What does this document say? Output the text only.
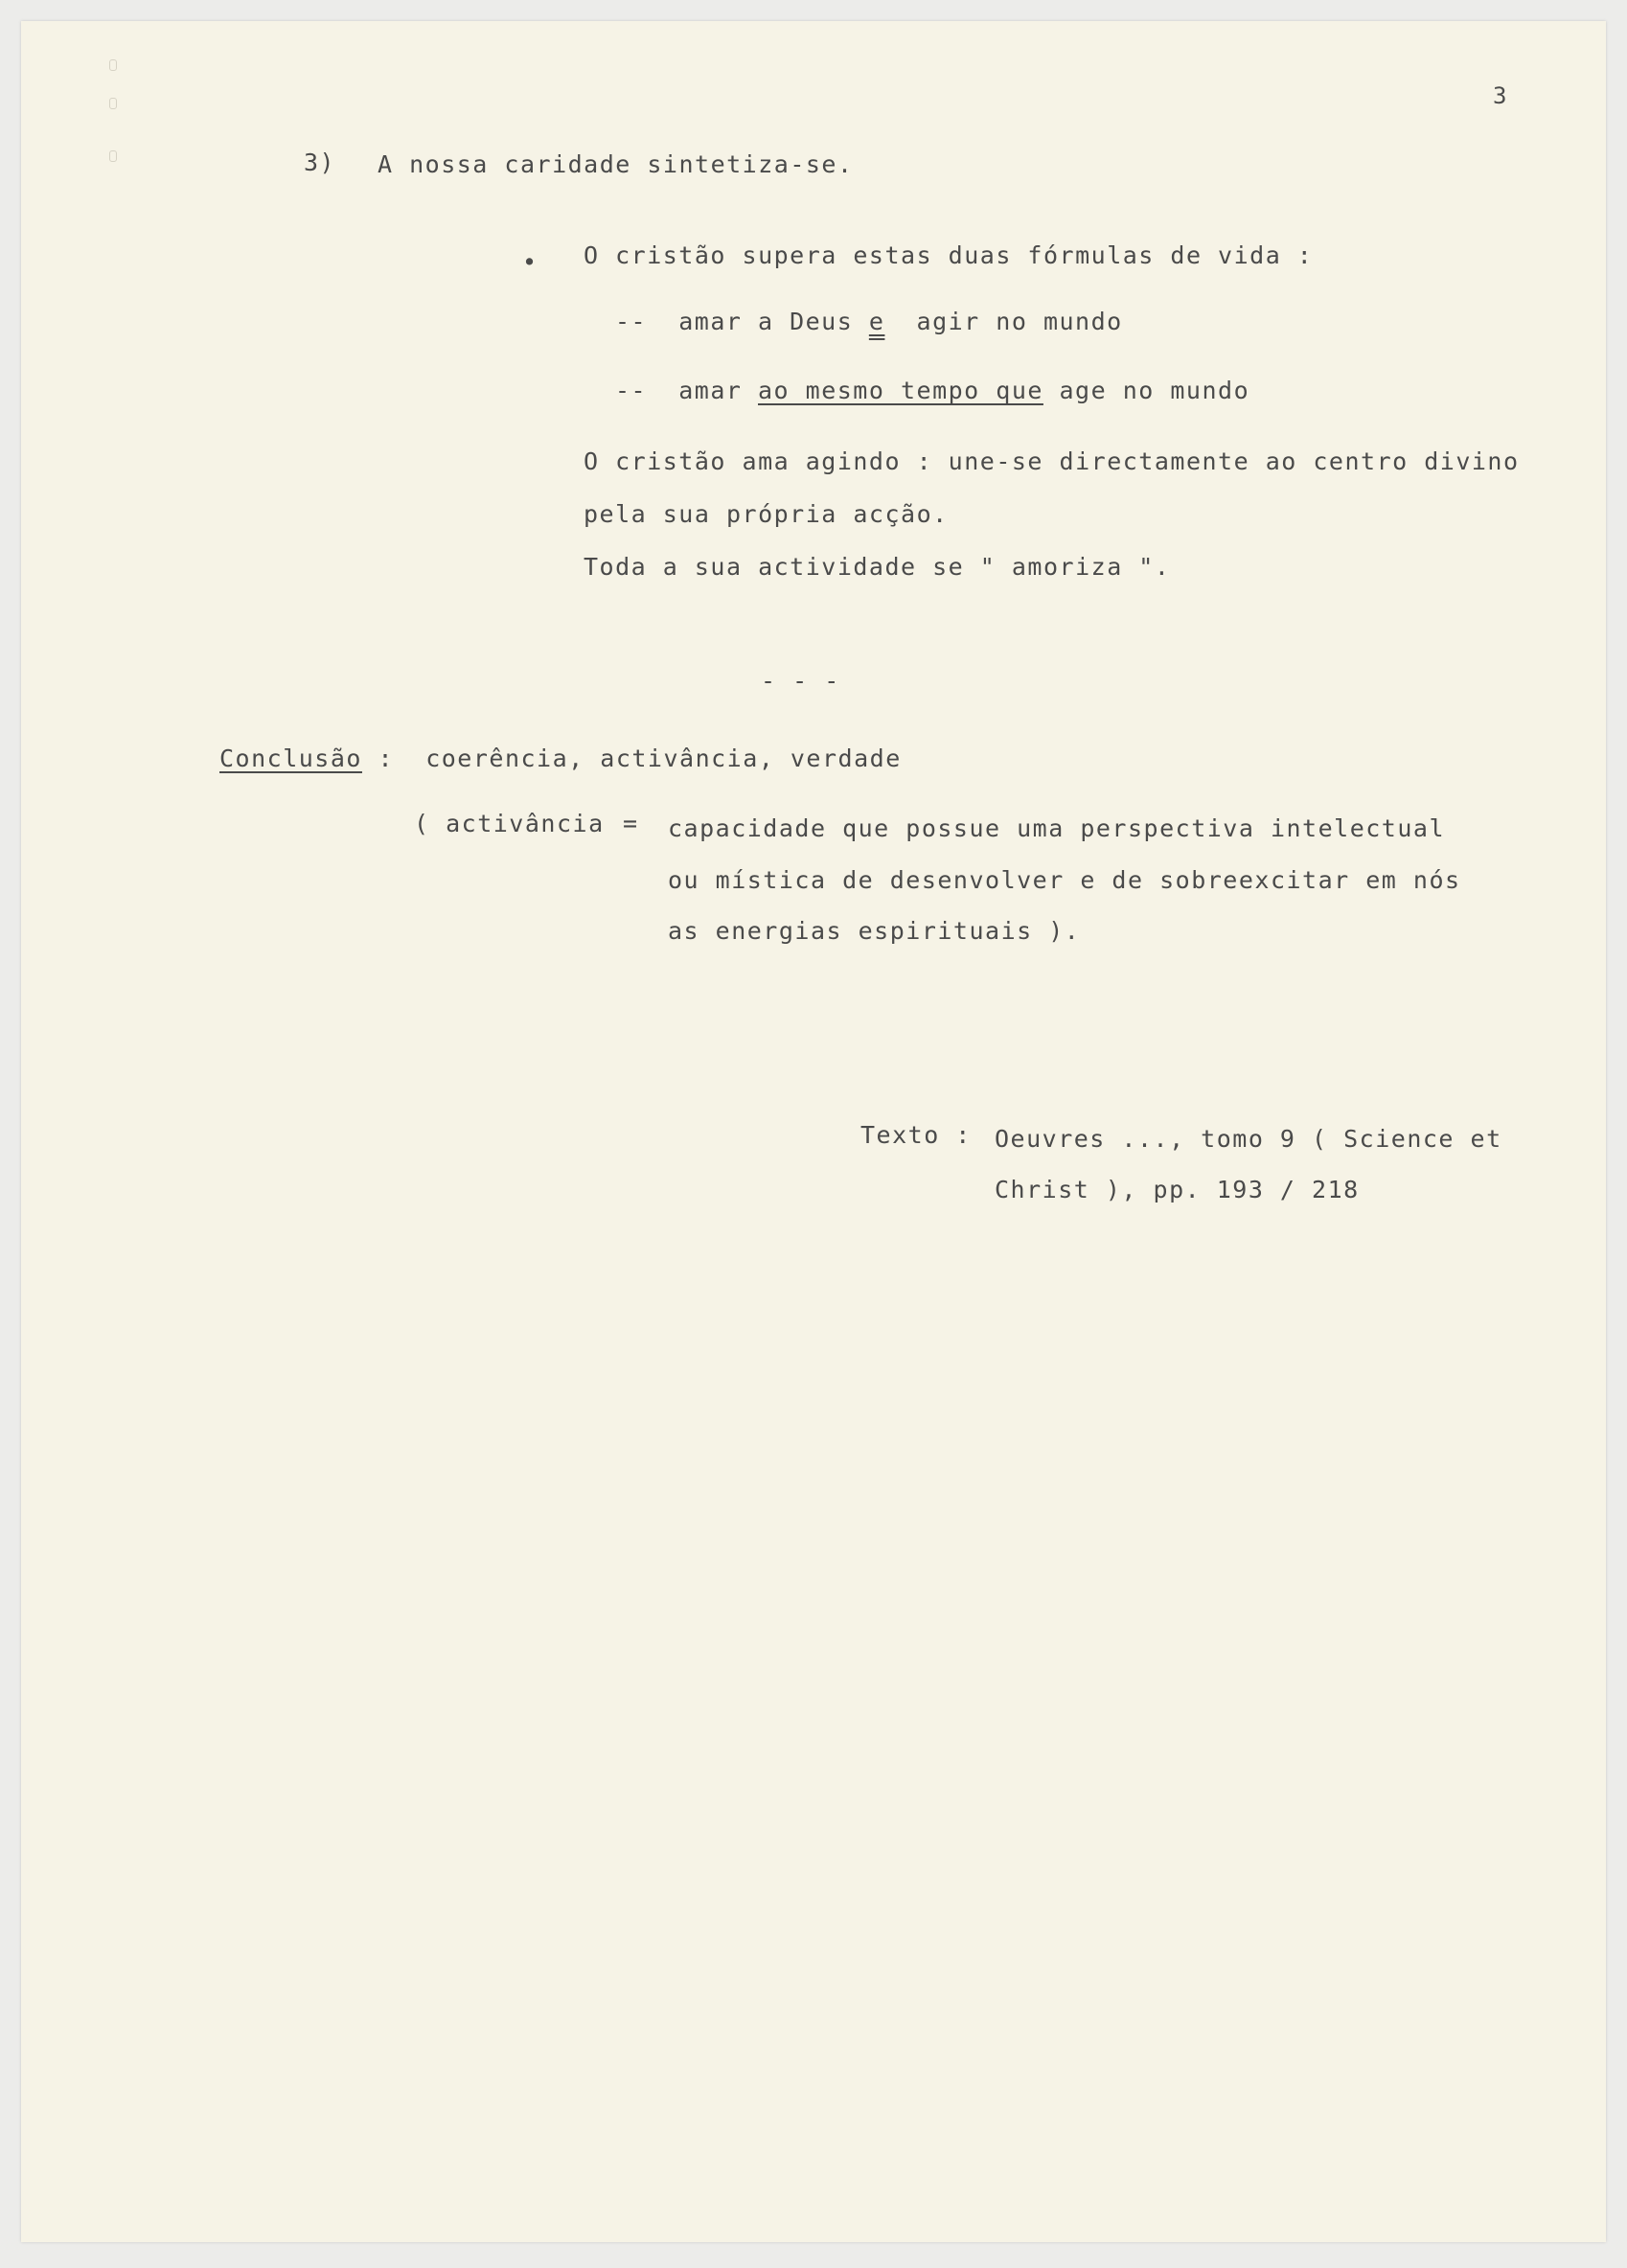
3
3) A nossa caridade sintetiza-se.
• O cristão supera estas duas fórmulas de vida :
-- amar a Deus e agir no mundo
-- amar ao mesmo tempo que age no mundo
O cristão ama agindo : une-se directamente ao centro divino
pela sua própria acção.
Toda a sua actividade se " amoriza ".
- - -
Conclusão : coerência, activância, verdade
( activância = capacidade que possue uma perspectiva intelectual
ou mística de desenvolver e de sobreexcitar em nós
as energias espirituais ).
Texto : Oeuvres ..., tomo 9 ( Science et
Christ ), pp. 193 / 218
